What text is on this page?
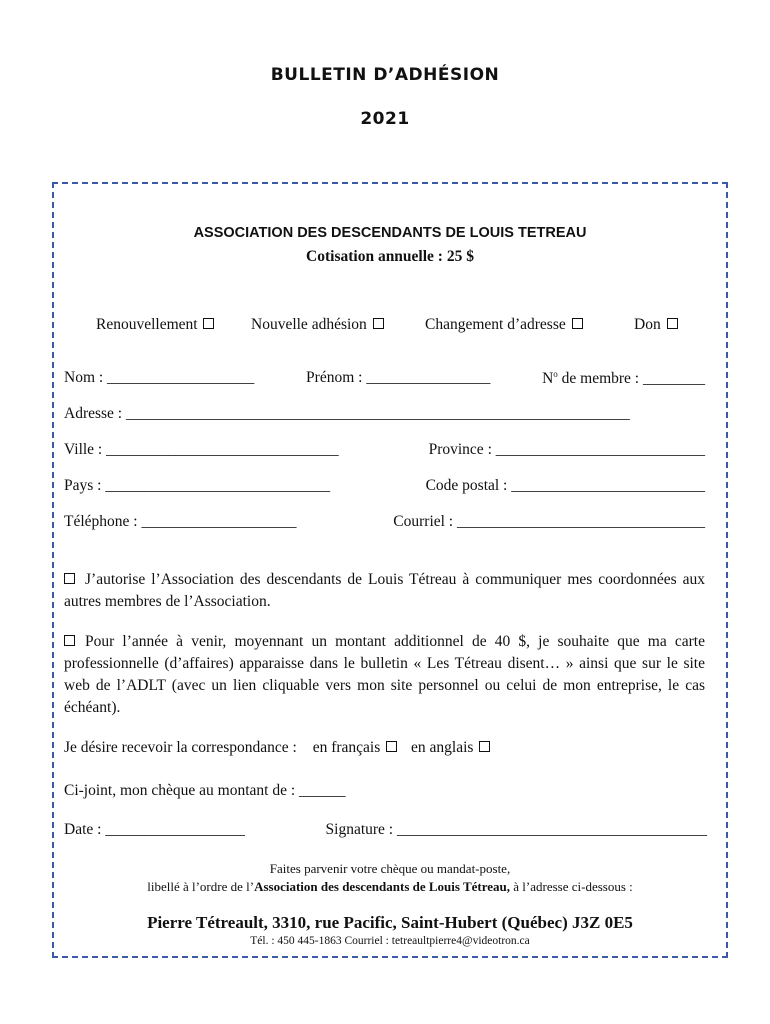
BULLETIN D’ADHÉSION
2021
ASSOCIATION DES DESCENDANTS DE LOUIS TETREAU
Cotisation annuelle : 25 $
Renouvellement	Nouvelle adhésion	Changement d’adresse	Don
Nom : ___________________	Prénom : ________________	$N^o$ de membre : ________
Adresse : _________________________________________________________________
Ville : ______________________________	Province : ___________________________
Pays : _____________________________	Code postal : _________________________
Téléphone : ____________________	Courriel : ________________________________
J’autorise l’Association des descendants de Louis Tétreau à communiquer mes coordonnées aux autres membres de l’Association.
Pour l’année à venir, moyennant un montant additionnel de 40 $, je souhaite que ma carte professionnelle (d’affaires) apparaisse dans le bulletin « Les Tétreau disent… » ainsi que sur le site web de l’ADLT (avec un lien cliquable vers mon site personnel ou celui de mon entreprise, le cas échéant).
Je désire recevoir la correspondance : en français en anglais
Ci-joint, mon chèque au montant de : ______
Date : __________________	Signature : ________________________________________
Faites parvenir votre chèque ou mandat-poste,
libellé à l’ordre de l’Association des descendants de Louis Tétreau, à l’adresse ci-dessous :
Pierre Tétreault, 3310, rue Pacific, Saint-Hubert (Québec) J3Z 0E5
Tél. : 450 445-1863 Courriel : tetreaultpierre4@videotron.ca
